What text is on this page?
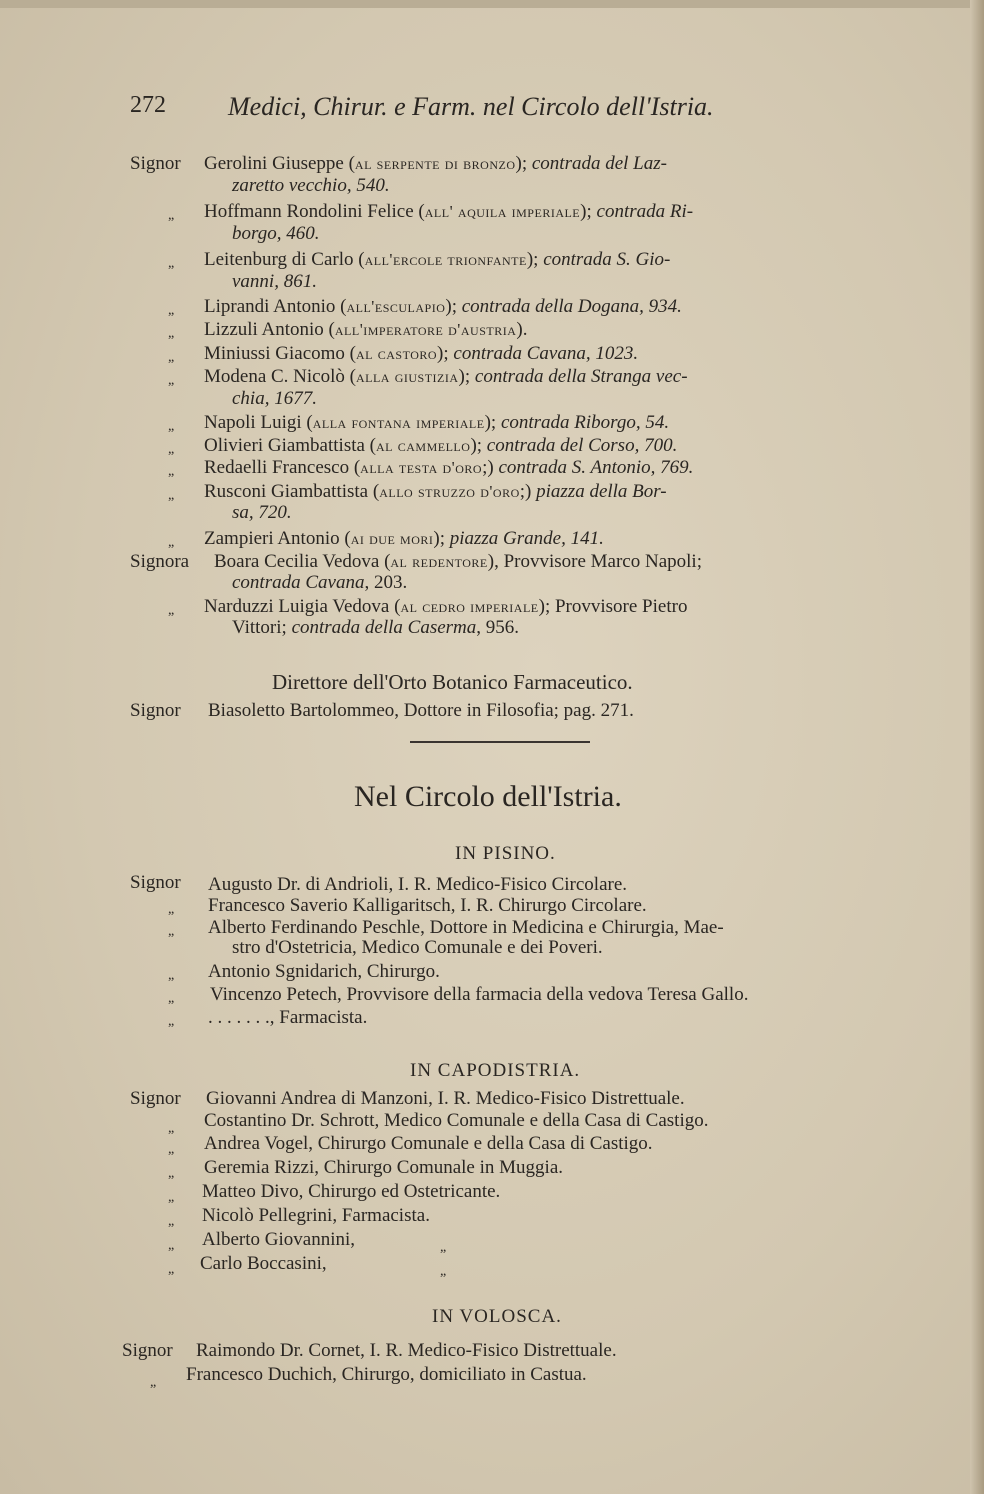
272 Medici, Chirur. e Farm. nel Circolo dell'Istria.
Signor Gerolini Giuseppe (al serpente di bronzo); contrada del Laz-
zaretto vecchio, 540.
„ Hoffmann Rondolini Felice (all' aquila imperiale); contrada Ri-
borgo, 460.
„ Leitenburg di Carlo (all'ercole trionfante); contrada S. Gio-
vanni, 861.
„ Liprandi Antonio (all'esculapio); contrada della Dogana, 934.
„ Lizzuli Antonio (all'imperatore d'austria).
„ Miniussi Giacomo (al castoro); contrada Cavana, 1023.
„ Modena C. Nicolò (alla giustizia); contrada della Stranga vec-
chia, 1677.
„ Napoli Luigi (alla fontana imperiale); contrada Riborgo, 54.
„ Olivieri Giambattista (al cammello); contrada del Corso, 700.
„ Redaelli Francesco (alla testa d'oro;) contrada S. Antonio, 769.
„ Rusconi Giambattista (allo struzzo d'oro;) piazza della Bor-
sa, 720.
„ Zampieri Antonio (ai due mori); piazza Grande, 141.
Signora Boara Cecilia Vedova (al redentore), Provvisore Marco Napoli;
contrada Cavana, 203.
„ Narduzzi Luigia Vedova (al cedro imperiale); Provvisore Pietro
Vittori; contrada della Caserma, 956.
Direttore dell'Orto Botanico Farmaceutico.
Signor Biasoletto Bartolommeo, Dottore in Filosofia; pag. 271.
Nel Circolo dell'Istria.
IN PISINO.
Signor Augusto Dr. di Andrioli, I. R. Medico-Fisico Circolare.
„ Francesco Saverio Kalligaritsch, I. R. Chirurgo Circolare.
„ Alberto Ferdinando Peschle, Dottore in Medicina e Chirurgia, Mae-
stro d'Ostetricia, Medico Comunale e dei Poveri.
„ Antonio Sgnidarich, Chirurgo.
„ Vincenzo Petech, Provvisore della farmacia della vedova Teresa Gallo.
„ . . . . . . ., Farmacista.
IN CAPODISTRIA.
Signor Giovanni Andrea di Manzoni, I. R. Medico-Fisico Distrettuale.
„ Costantino Dr. Schrott, Medico Comunale e della Casa di Castigo.
„ Andrea Vogel, Chirurgo Comunale e della Casa di Castigo.
„ Geremia Rizzi, Chirurgo Comunale in Muggia.
„ Matteo Divo, Chirurgo ed Ostetricante.
„ Nicolò Pellegrini, Farmacista.
„ Alberto Giovannini,	„
„ Carlo Boccasini,	„
IN VOLOSCA.
Signor Raimondo Dr. Cornet, I. R. Medico-Fisico Distrettuale.
„ Francesco Duchich, Chirurgo, domiciliato in Castua.
